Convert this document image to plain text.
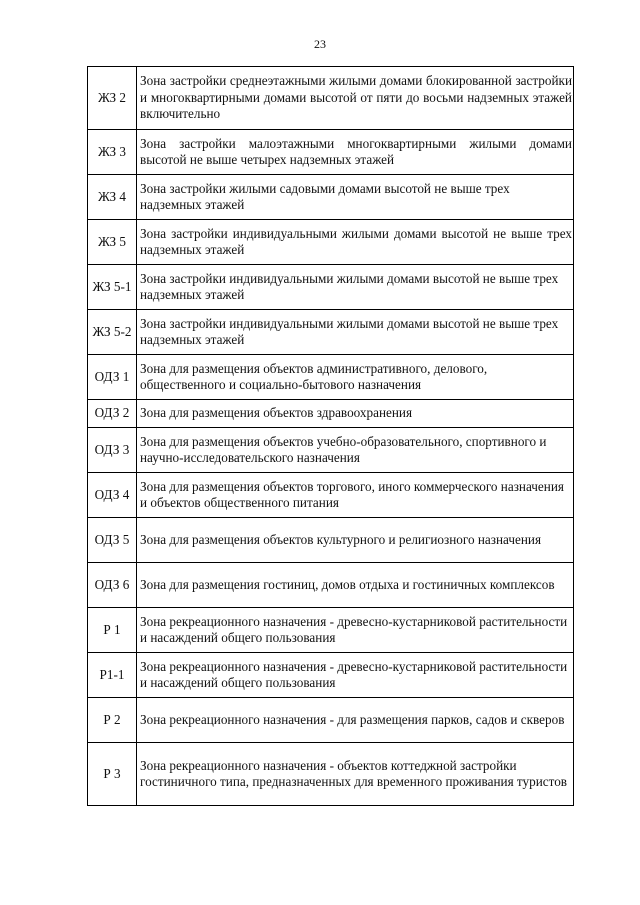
23
ЖЗ 2	Зона застройки среднеэтажными жилыми домами блокированной застройки и многоквартирными домами высотой от пяти до восьми надземных этажей включительно
ЖЗ 3	Зона застройки малоэтажными многоквартирными жилыми домами высотой не выше четырех надземных этажей
ЖЗ 4	Зона застройки жилыми садовыми домами высотой не выше трех надземных этажей
ЖЗ 5	Зона застройки индивидуальными жилыми домами высотой не выше трех надземных этажей
ЖЗ 5-1	Зона застройки индивидуальными жилыми домами высотой не выше трех надземных этажей
ЖЗ 5-2	Зона застройки индивидуальными жилыми домами высотой не выше трех надземных этажей
ОДЗ 1	Зона для размещения объектов административного, делового, общественного и социально-бытового назначения
ОДЗ 2	Зона для размещения объектов здравоохранения
ОДЗ 3	Зона для размещения объектов учебно-образовательного, спортивного и научно-исследовательского назначения
ОДЗ 4	Зона для размещения объектов торгового, иного коммерческого назначения и объектов общественного питания
ОДЗ 5	Зона для размещения объектов культурного и религиозного назначения
ОДЗ 6	Зона для размещения гостиниц, домов отдыха и гостиничных комплексов
Р 1	Зона рекреационного назначения - древесно-кустарниковой растительности и насаждений общего пользования
Р1-1	Зона рекреационного назначения - древесно-кустарниковой растительности и насаждений общего пользования
Р 2	Зона рекреационного назначения - для размещения парков, садов и скверов
Р 3	Зона рекреационного назначения - объектов коттеджной застройки гостиничного типа, предназначенных для временного проживания туристов
